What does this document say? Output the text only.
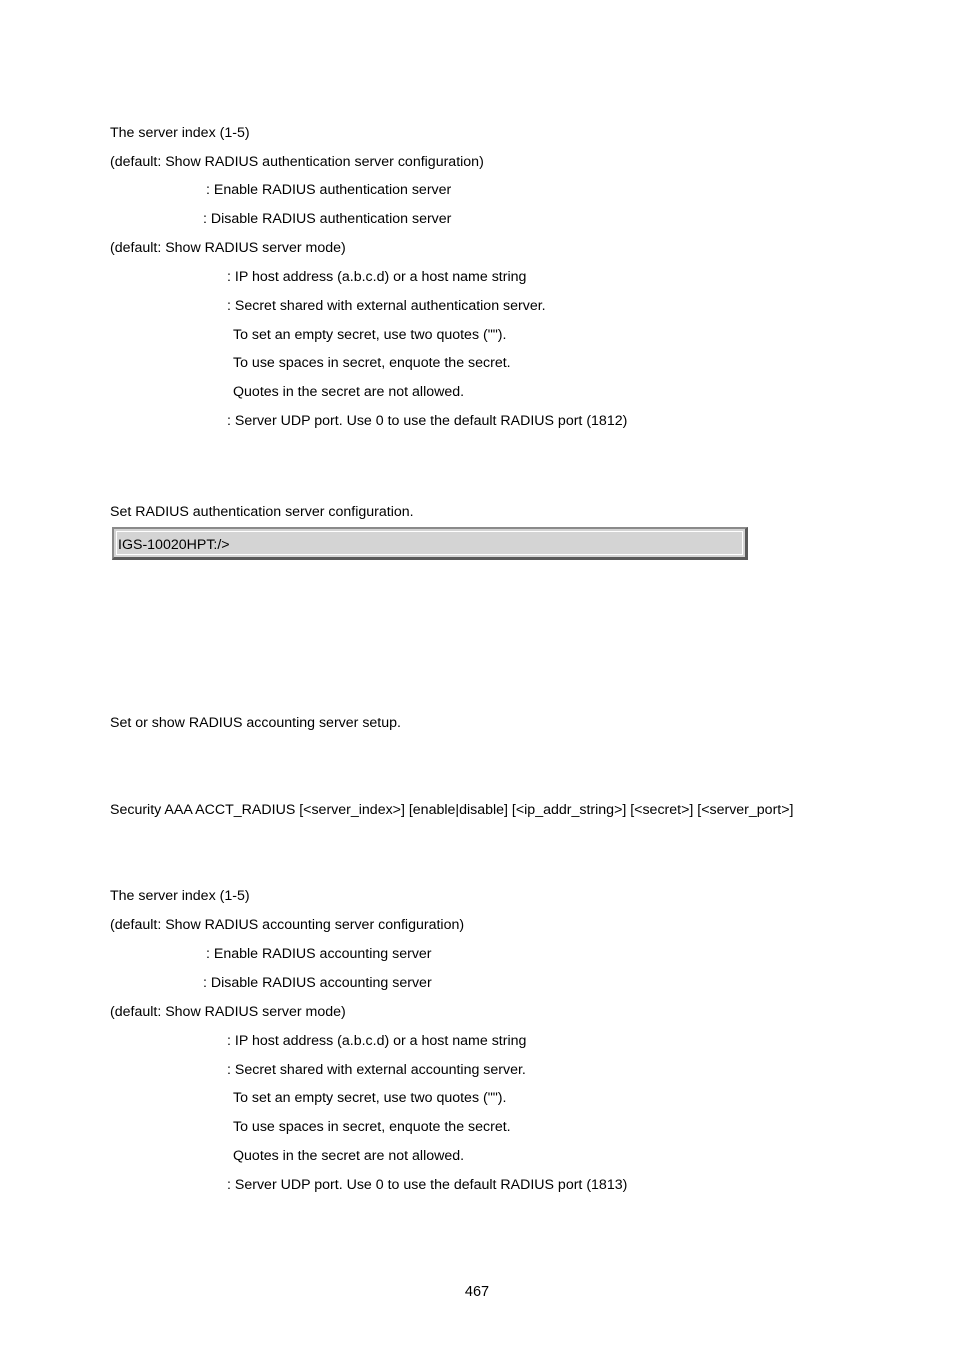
The server index (1-5)
(default: Show RADIUS authentication server configuration)
: Enable RADIUS authentication server
: Disable RADIUS authentication server
(default: Show RADIUS server mode)
: IP host address (a.b.c.d) or a host name string
: Secret shared with external authentication server.
To set an empty secret, use two quotes ("").
To use spaces in secret, enquote the secret.
Quotes in the secret are not allowed.
: Server UDP port. Use 0 to use the default RADIUS port (1812)
Set RADIUS authentication server configuration.
IGS-10020HPT:/>
Set or show RADIUS accounting server setup.
Security AAA ACCT_RADIUS [<server_index>] [enable|disable] [<ip_addr_string>] [<secret>] [<server_port>]
The server index (1-5)
(default: Show RADIUS accounting server configuration)
: Enable RADIUS accounting server
: Disable RADIUS accounting server
(default: Show RADIUS server mode)
: IP host address (a.b.c.d) or a host name string
: Secret shared with external accounting server.
To set an empty secret, use two quotes ("").
To use spaces in secret, enquote the secret.
Quotes in the secret are not allowed.
: Server UDP port. Use 0 to use the default RADIUS port (1813)
467
